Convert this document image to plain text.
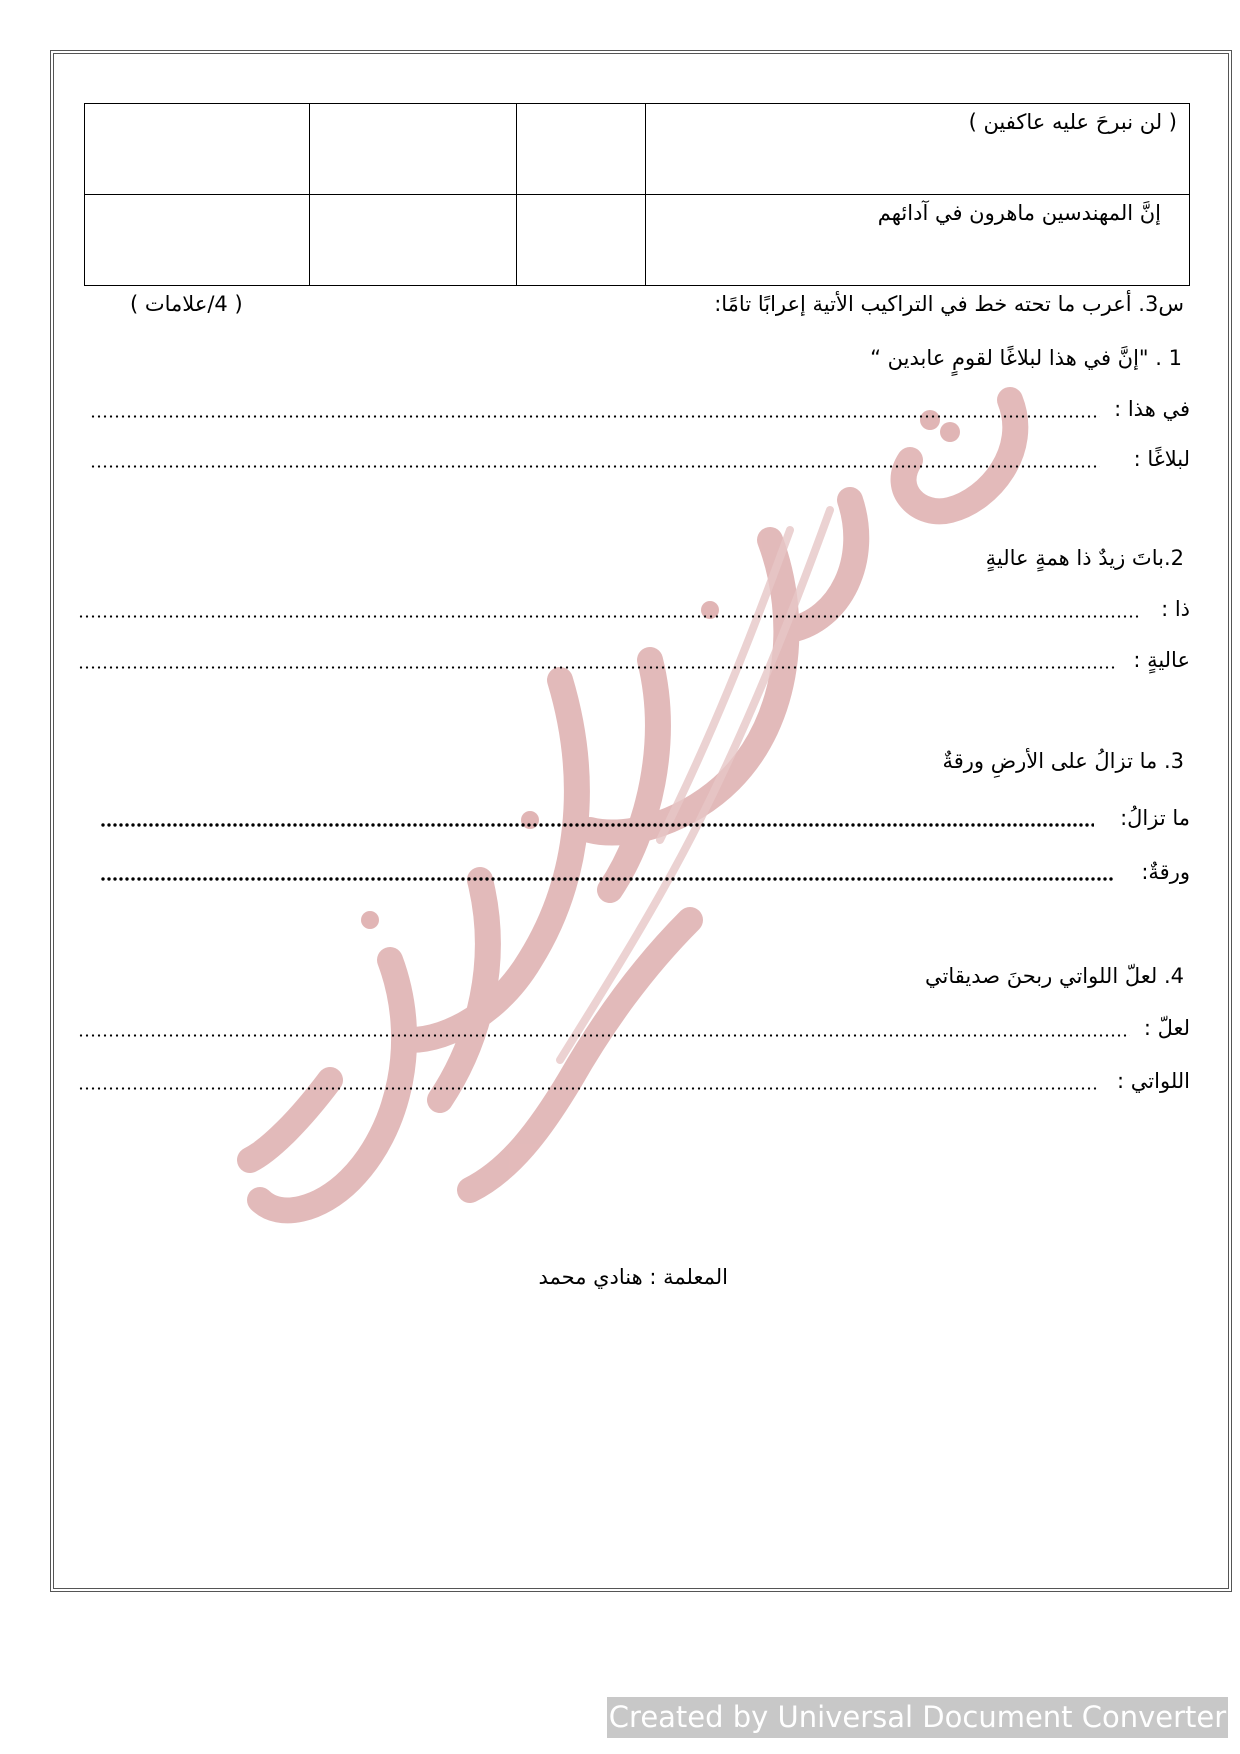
			( لن نبرحَ عليه عاكفين )

			إنَّ المهندسين ماهرون في آدائهم
س3. أعرب ما تحته خط في التراكيب الأتية إعرابًا تامًا:
( 4/علامات )
1 . "إنَّ في هذا لبلاغًا لقومٍ عابدين “
في هذا :
لبلاغًا :
2.باتَ زيدٌ ذا همةٍ عاليةٍ
ذا :
عاليةٍ :
3. ما تزالُ على الأرضِ ورقةٌ
ما تزالُ:
ورقةٌ:
4. لعلّ اللواتي ربحنَ صديقاتي
لعلّ :
اللواتي :
المعلمة : هنادي محمد
Created by Universal Document Converter
